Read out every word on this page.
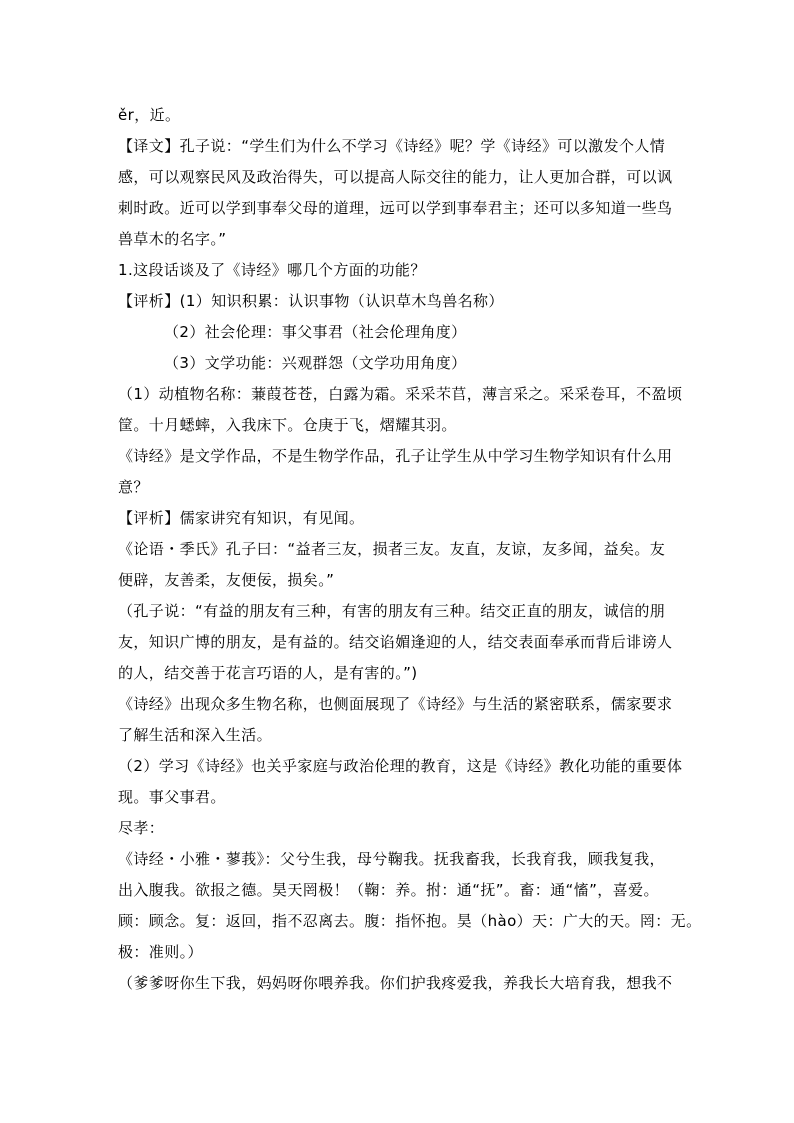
ěr，近。
【译文】孔子说：“学生们为什么不学习《诗经》呢？学《诗经》可以激发个人情
感，可以观察民风及政治得失，可以提高人际交往的能力，让人更加合群，可以讽
刺时政。近可以学到事奉父母的道理，远可以学到事奉君主；还可以多知道一些鸟
兽草木的名字。”
1.这段话谈及了《诗经》哪几个方面的功能？
【评析】(1）知识积累：认识事物（认识草木鸟兽名称）
（2）社会伦理：事父事君（社会伦理角度）
（3）文学功能：兴观群怨（文学功用角度）
（1）动植物名称：蒹葭苍苍，白露为霜。采采芣苢，薄言采之。采采卷耳，不盈顷
筐。十月蟋蟀，入我床下。仓庚于飞，熠耀其羽。
《诗经》是文学作品，不是生物学作品，孔子让学生从中学习生物学知识有什么用
意？
【评析】儒家讲究有知识，有见闻。
《论语・季氏》孔子曰：“益者三友，损者三友。友直，友谅，友多闻，益矣。友
便辟，友善柔，友便佞，损矣。”
（孔子说：“有益的朋友有三种，有害的朋友有三种。结交正直的朋友，诚信的朋
友，知识广博的朋友，是有益的。结交谄媚逢迎的人，结交表面奉承而背后诽谤人
的人，结交善于花言巧语的人，是有害的。”)
《诗经》出现众多生物名称，也侧面展现了《诗经》与生活的紧密联系，儒家要求
了解生活和深入生活。
（2）学习《诗经》也关乎家庭与政治伦理的教育，这是《诗经》教化功能的重要体
现。事父事君。
尽孝：
《诗经・小雅・蓼莪》：父兮生我，母兮鞠我。抚我畜我，长我育我，顾我复我，
出入腹我。欲报之德。昊天罔极！（鞠：养。拊：通“抚”。畜：通“慉”，喜爱。
顾：顾念。复：返回，指不忍离去。腹：指怀抱。昊（hào）天：广大的天。罔：无。
极：准则。）
（爹爹呀你生下我，妈妈呀你喂养我。你们护我疼爱我，养我长大培育我，想我不
